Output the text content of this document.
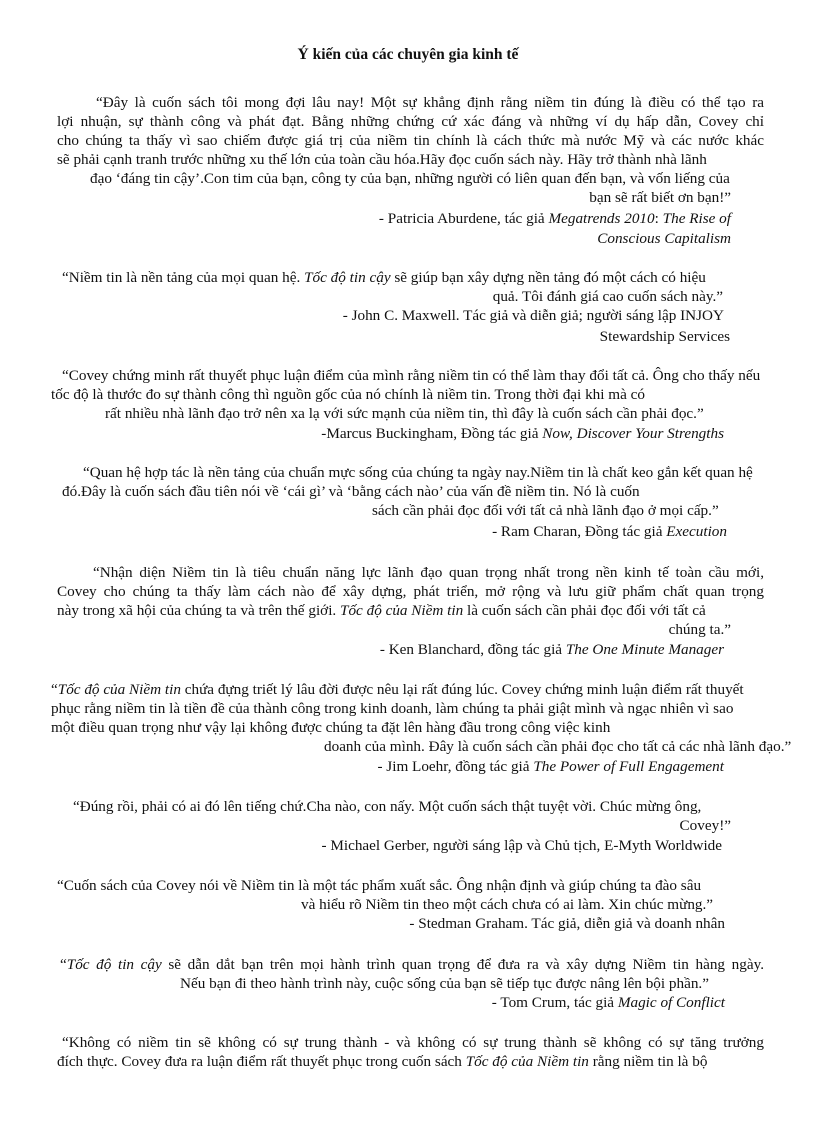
Ý kiến của các chuyên gia kinh tế
“Đây là cuốn sách tôi mong đợi lâu nay! Một sự khẳng định rằng niềm tin đúng là điều có thể tạo ra
lợi nhuận, sự thành công và phát đạt. Bằng những chứng cứ xác đáng và những ví dụ hấp dẫn, Covey chỉ
cho chúng ta thấy vì sao chiếm được giá trị của niềm tin chính là cách thức mà nước Mỹ và các nước khác
sẽ phải cạnh tranh trước những xu thế lớn của toàn cầu hóa.Hãy đọc cuốn sách này. Hãy trở thành nhà lãnh
đạo ‘đáng tin cậy’.Con tim của bạn, công ty của bạn, những người có liên quan đến bạn, và vốn liếng của
bạn sẽ rất biết ơn bạn!”
- Patricia Aburdene, tác giả Megatrends 2010: The Rise of
Conscious Capitalism
“Niềm tin là nền tảng của mọi quan hệ. Tốc độ tin cậy sẽ giúp bạn xây dựng nền tảng đó một cách có hiệu
quả. Tôi đánh giá cao cuốn sách này.”
- John C. Maxwell. Tác giả và diễn giả; người sáng lập INJOY
Stewardship Services
“Covey chứng minh rất thuyết phục luận điểm của mình rằng niềm tin có thể làm thay đổi tất cả. Ông cho thấy nếu
tốc độ là thước đo sự thành công thì nguồn gốc của nó chính là niềm tin. Trong thời đại khi mà có
rất nhiều nhà lãnh đạo trở nên xa lạ với sức mạnh của niềm tin, thì đây là cuốn sách cần phải đọc.”
-Marcus Buckingham, Đồng tác giả Now, Discover Your Strengths
“Quan hệ hợp tác là nền tảng của chuẩn mực sống của chúng ta ngày nay.Niềm tin là chất keo gắn kết quan hệ
đó.Đây là cuốn sách đầu tiên nói về ‘cái gì’ và ‘bằng cách nào’ của vấn đề niềm tin. Nó là cuốn
sách cần phải đọc đối với tất cả nhà lãnh đạo ở mọi cấp.”
- Ram Charan, Đồng tác giả Execution
“Nhận diện Niềm tin là tiêu chuẩn năng lực lãnh đạo quan trọng nhất trong nền kinh tế toàn cầu mới,
Covey cho chúng ta thấy làm cách nào để xây dựng, phát triển, mở rộng và lưu giữ phẩm chất quan trọng
này trong xã hội của chúng ta và trên thế giới. Tốc độ của Niềm tin là cuốn sách cần phải đọc đối với tất cả
chúng ta.”
- Ken Blanchard, đồng tác giả The One Minute Manager
“Tốc độ của Niềm tin chứa đựng triết lý lâu đời được nêu lại rất đúng lúc. Covey chứng minh luận điểm rất thuyết
phục rằng niềm tin là tiền đề của thành công trong kinh doanh, làm chúng ta phải giật mình và ngạc nhiên vì sao
một điều quan trọng như vậy lại không được chúng ta đặt lên hàng đầu trong công việc kinh
doanh của mình. Đây là cuốn sách cần phải đọc cho tất cả các nhà lãnh đạo.”
- Jim Loehr, đồng tác giả The Power of Full Engagement
“Đúng rồi, phải có ai đó lên tiếng chứ.Cha nào, con nấy. Một cuốn sách thật tuyệt vời. Chúc mừng ông,
Covey!”
- Michael Gerber, người sáng lập và Chủ tịch, E-Myth Worldwide
“Cuốn sách của Covey nói về Niềm tin là một tác phẩm xuất sắc. Ông nhận định và giúp chúng ta đào sâu
và hiểu rõ Niềm tin theo một cách chưa có ai làm. Xin chúc mừng.”
- Stedman Graham. Tác giả, diễn giả và doanh nhân
“Tốc độ tin cậy sẽ dẫn dắt bạn trên mọi hành trình quan trọng để đưa ra và xây dựng Niềm tin hàng ngày.
Nếu bạn đi theo hành trình này, cuộc sống của bạn sẽ tiếp tục được nâng lên bội phần.”
- Tom Crum, tác giả Magic of Conflict
“Không có niềm tin sẽ không có sự trung thành - và không có sự trung thành sẽ không có sự tăng trưởng
đích thực. Covey đưa ra luận điểm rất thuyết phục trong cuốn sách Tốc độ của Niềm tin rằng niềm tin là bộ
